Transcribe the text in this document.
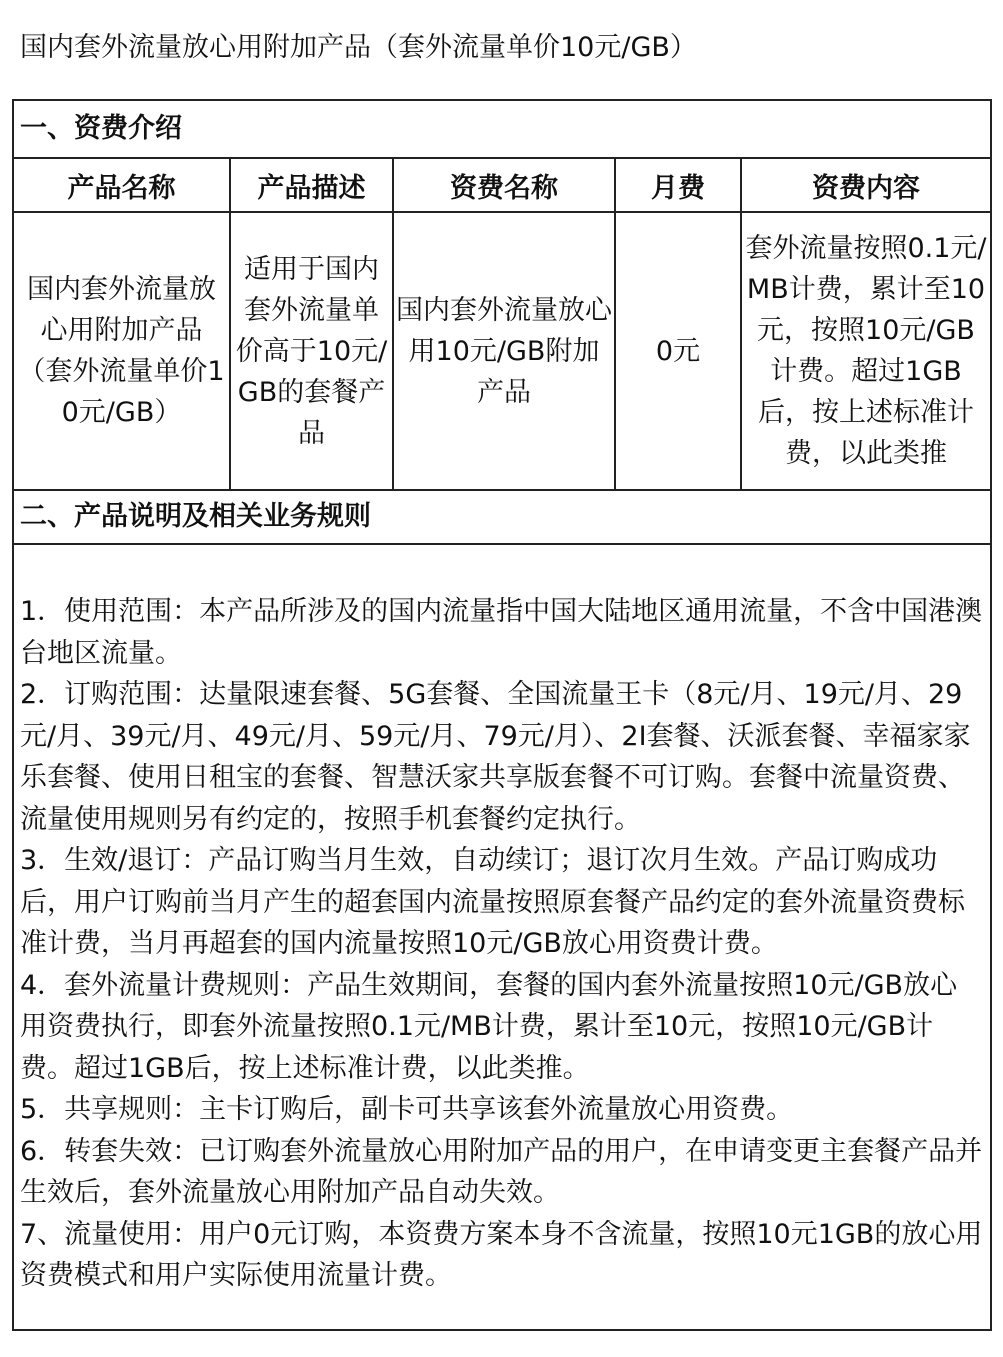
国内套外流量放心用附加产品（套外流量单价10元/GB）
一、资费介绍
产品名称	产品描述	资费名称	月费	资费内容

国内套外流量放心用附加产品（套外流量单价10元/GB）	适用于国内套外流量单价高于10元/GB的套餐产品	国内套外流量放心用10元/GB附加产品	0元	套外流量按照0.1元/MB计费，累计至10元，按照10元/GB计费。超过1GB后，按上述标准计费，以此类推
二、产品说明及相关业务规则

1．使用范围：本产品所涉及的国内流量指中国大陆地区通用流量，不含中国港澳台地区流量。

2．订购范围：达量限速套餐、5G套餐、全国流量王卡（8元/月、19元/月、29元/月、39元/月、49元/月、59元/月、79元/月）、2I套餐、沃派套餐、幸福家家乐套餐、使用日租宝的套餐、智慧沃家共享版套餐不可订购。套餐中流量资费、流量使用规则另有约定的，按照手机套餐约定执行。

3．生效/退订：产品订购当月生效，自动续订；退订次月生效。产品订购成功后，用户订购前当月产生的超套国内流量按照原套餐产品约定的套外流量资费标准计费，当月再超套的国内流量按照10元/GB放心用资费计费。

4．套外流量计费规则：产品生效期间，套餐的国内套外流量按照10元/GB放心用资费执行，即套外流量按照0.1元/MB计费，累计至10元，按照10元/GB计费。超过1GB后，按上述标准计费，以此类推。

5．共享规则：主卡订购后，副卡可共享该套外流量放心用资费。

6．转套失效：已订购套外流量放心用附加产品的用户，在申请变更主套餐产品并生效后，套外流量放心用附加产品自动失效。

7、流量使用：用户0元订购，本资费方案本身不含流量，按照10元1GB的放心用资费模式和用户实际使用流量计费。
